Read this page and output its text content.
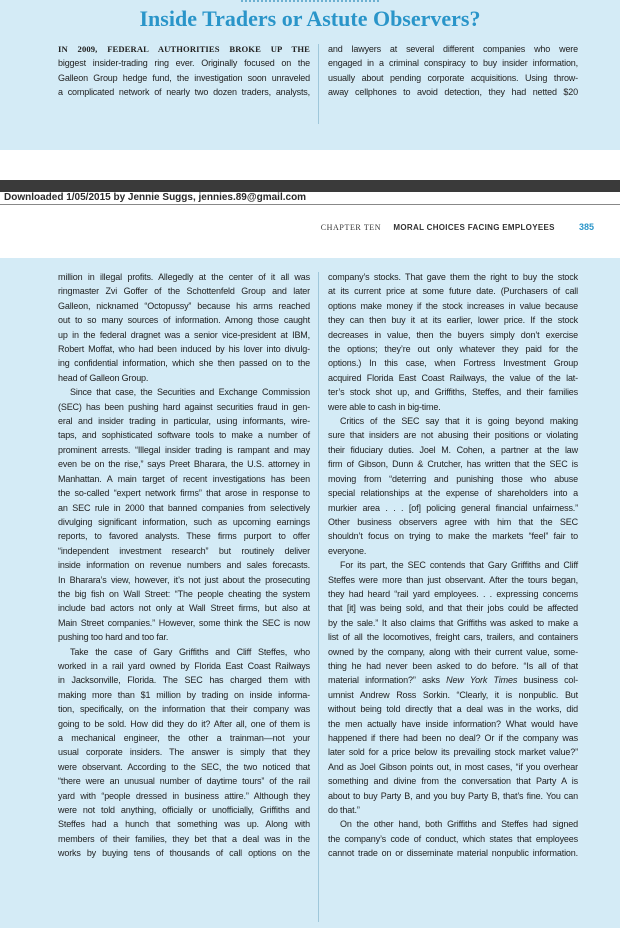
Inside Traders or Astute Observers?
IN 2009, FEDERAL AUTHORITIES BROKE UP THE
biggest insider-trading ring ever. Originally focused on the
Galleon Group hedge fund, the investigation soon unraveled
a complicated network of nearly two dozen traders, analysts,
and lawyers at several different companies who were
engaged in a criminal conspiracy to buy insider information,
usually about pending corporate acquisitions. Using throw-
away cellphones to avoid detection, they had netted $20
Downloaded 1/05/2015 by Jennie Suggs, jennies.89@gmail.com
CHAPTER TEN MORAL CHOICES FACING EMPLOYEES	385
million in illegal profits. Allegedly at the center of it all was
ringmaster Zvi Goffer of the Schottenfeld Group and later
Galleon, nicknamed “Octopussy” because his arms reached
out to so many sources of information. Among those caught
up in the federal dragnet was a senior vice-president at IBM,
Robert Moffat, who had been induced by his lover into divulg-
ing confidential information, which she then passed on to the
head of Galleon Group.
Since that case, the Securities and Exchange Commission
(SEC) has been pushing hard against securities fraud in gen-
eral and insider trading in particular, using informants, wire-
taps, and sophisticated software tools to make a number of
prominent arrests. “Illegal insider trading is rampant and may
even be on the rise,” says Preet Bharara, the U.S. attorney in
Manhattan. A main target of recent investigations has been
the so-called “expert network firms” that arose in response to
an SEC rule in 2000 that banned companies from selectively
divulging significant information, such as upcoming earnings
reports, to favored analysts. These firms purport to offer
“independent investment research” but routinely deliver
inside information on revenue numbers and sales forecasts.
In Bharara’s view, however, it’s not just about the prosecuting
the big fish on Wall Street: “The people cheating the system
include bad actors not only at Wall Street firms, but also at
Main Street companies.” However, some think the SEC is now
pushing too hard and too far.
Take the case of Gary Griffiths and Cliff Steffes, who
worked in a rail yard owned by Florida East Coast Railways
in Jacksonville, Florida. The SEC has charged them with
making more than $1 million by trading on inside informa-
tion, specifically, on the information that their company was
going to be sold. How did they do it? After all, one of them is
a mechanical engineer, the other a trainman—not your
usual corporate insiders. The answer is simply that they
were observant. According to the SEC, the two noticed that
“there were an unusual number of daytime tours” of the rail
yard with “people dressed in business attire.” Although they
were not told anything, officially or unofficially, Griffiths and
Steffes had a hunch that something was up. Along with
members of their families, they bet that a deal was in the
works by buying tens of thousands of call options on the
company’s stocks. That gave them the right to buy the stock
at its current price at some future date. (Purchasers of call
options make money if the stock increases in value because
they can then buy it at its earlier, lower price. If the stock
decreases in value, then the buyers simply don’t exercise
the options; they’re out only whatever they paid for the
options.) In this case, when Fortress Investment Group
acquired Florida East Coast Railways, the value of the lat-
ter’s stock shot up, and Griffiths, Steffes, and their families
were able to cash in big-time.
Critics of the SEC say that it is going beyond making
sure that insiders are not abusing their positions or violating
their fiduciary duties. Joel M. Cohen, a partner at the law
firm of Gibson, Dunn & Crutcher, has written that the SEC is
moving from “deterring and punishing those who abuse
special relationships at the expense of shareholders into a
murkier area . . . [of] policing general financial unfairness.”
Other business observers agree with him that the SEC
shouldn’t focus on trying to make the markets “feel” fair to
everyone.
For its part, the SEC contends that Gary Griffiths and Cliff
Steffes were more than just observant. After the tours began,
they had heard “rail yard employees. . . expressing concerns
that [it] was being sold, and that their jobs could be affected
by the sale.” It also claims that Griffiths was asked to make a
list of all the locomotives, freight cars, trailers, and containers
owned by the company, along with their current value, some-
thing he had never been asked to do before. “Is all of that
material information?” asks New York Times business col-
umnist Andrew Ross Sorkin. “Clearly, it is nonpublic. But
without being told directly that a deal was in the works, did
the men actually have inside information? What would have
happened if there had been no deal? Or if the company was
later sold for a price below its prevailing stock market value?”
And as Joel Gibson points out, in most cases, “if you overhear
something and divine from the conversation that Party A is
about to buy Party B, and you buy Party B, that’s fine. You can
do that.”
On the other hand, both Griffiths and Steffes had signed
the company’s code of conduct, which states that employees
cannot trade on or disseminate material nonpublic information.
